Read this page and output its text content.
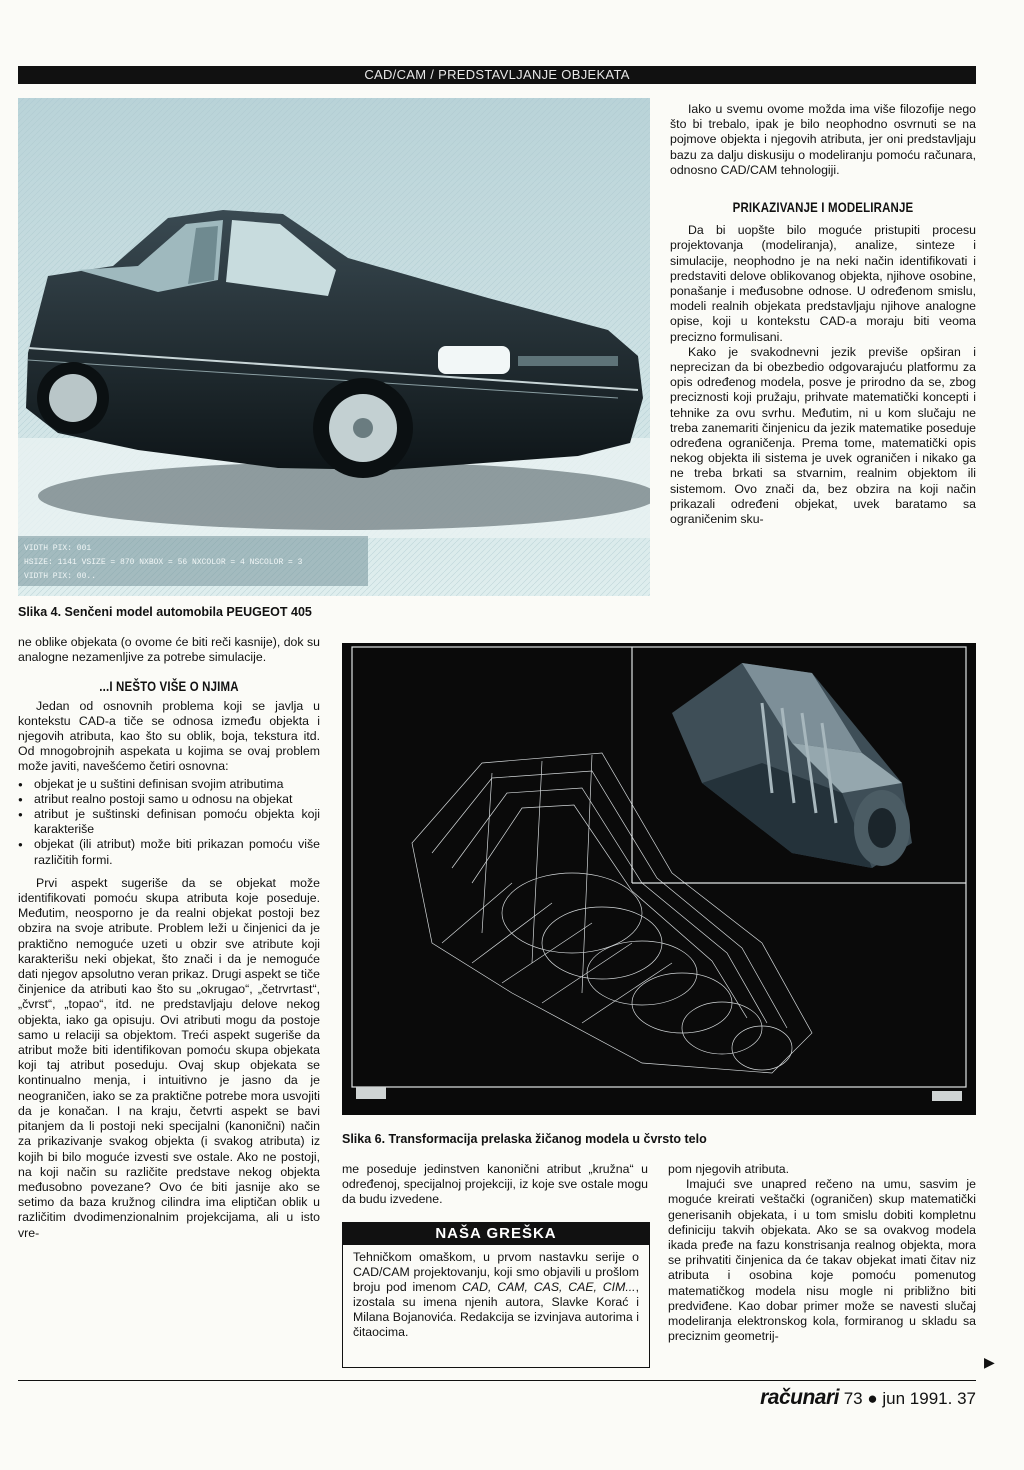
CAD/CAM / PREDSTAVLJANJE OBJEKATA
VIDTH PIX: 001
HSIZE: 1141 VSIZE = 870 NXBOX = 56 NXCOLOR = 4 NSCOLOR = 3
VIDTH PIX: 00..
Slika 4. Senčeni model automobila PEUGEOT 405

Iako u svemu ovome možda ima više filozofije nego što bi trebalo, ipak je bilo neophodno osvrnuti se na pojmove objekta i njegovih atributa, jer oni predstavljaju bazu za dalju diskusiju o modeliranju pomoću računara, odnosno CAD/CAM tehnologiji.

PRIKAZIVANJE I MODELIRANJE

Da bi uopšte bilo moguće pristupiti procesu projektovanja (modeliranja), analize, sinteze i simulacije, neophodno je na neki način identifikovati i predstaviti delove oblikovanog objekta, njihove osobine, ponašanje i međusobne odnose. U određenom smislu, modeli realnih objekata predstavljaju njihove analogne opise, koji u kontekstu CAD-a moraju biti veoma precizno formulisani.

Kako je svakodnevni jezik previše opširan i neprecizan da bi obezbedio odgovarajuću platformu za opis određenog modela, posve je prirodno da se, zbog preciznosti koji pružaju, prihvate matematički koncepti i tehnike za ovu svrhu. Međutim, ni u kom slučaju ne treba zanemariti činjenicu da jezik matematike poseduje određena ograničenja. Prema tome, matematički opis nekog objekta ili sistema je uvek ograničen i nikako ga ne treba brkati sa stvarnim, realnim objektom ili sistemom. Ovo znači da, bez obzira na koji način prikazali određeni objekat, uvek baratamo sa ograničenim sku-

ne oblike objekata (o ovome će biti reči kasnije), dok su analogne nezamenljive za potrebe simulacije.

...I NEŠTO VIŠE O NJIMA

Jedan od osnovnih problema koji se javlja u kontekstu CAD-a tiče se odnosa između objekta i njegovih atributa, kao što su oblik, boja, tekstura itd. Od mnogobrojnih aspekata u kojima se ovaj problem može javiti, navešćemo četiri osnovna:

● objekat je u suštini definisan svojim atributima
● atribut realno postoji samo u odnosu na objekat
● atribut je suštinski definisan pomoću objekta koji karakteriše
● objekat (ili atribut) može biti prikazan pomoću više različitih formi.

Prvi aspekt sugeriše da se objekat može identifikovati pomoću skupa atributa koje poseduje. Međutim, neosporno je da realni objekat postoji bez obzira na svoje atribute. Problem leži u činjenici da je praktično nemoguće uzeti u obzir sve atribute koji karakterišu neki objekat, što znači i da je nemoguće dati njegov apsolutno veran prikaz. Drugi aspekt se tiče činjenice da atributi kao što su „okrugao“, „četrvrtast“, „čvrst“, „topao“, itd. ne predstavljaju delove nekog objekta, iako ga opisuju. Ovi atributi mogu da postoje samo u relaciji sa objektom. Treći aspekt sugeriše da atribut može biti identifikovan pomoću skupa objekata koji taj atribut poseduju. Ovaj skup objekata se kontinualno menja, i intuitivno je jasno da je neograničen, iako se za praktične potrebe mora usvojiti da je konačan. I na kraju, četvrti aspekt se bavi pitanjem da li postoji neki specijalni (kanonični) način za prikazivanje svakog objekta (i svakog atributa) iz kojih bi bilo moguće izvesti sve ostale. Ako ne postoji, na koji način su različite predstave nekog objekta međusobno povezane? Ovo će biti jasnije ako se setimo da baza kružnog cilindra ima eliptičan oblik u različitim dvodimenzionalnim projekcijama, ali u isto vre-

Slika 6. Transformacija prelaska žičanog modela u čvrsto telo

me poseduje jedinstven kanonični atribut „kružna“ u određenoj, specijalnoj projekciji, iz koje sve ostale mogu da budu izvedene.

NAŠA GREŠKA
Tehničkom omaškom, u prvom nastavku serije o CAD/CAM projektovanju, koji smo objavili u prošlom broju pod imenom CAD, CAM, CAS, CAE, CIM..., izostala su imena njenih autora, Slavke Korać i Milana Bojanovića. Redakcija se izvinjava autorima i čitaocima.

pom njegovih atributa.

Imajući sve unapred rečeno na umu, sasvim je moguće kreirati veštački (ograničen) skup matematički generisanih objekata, i u tom smislu dobiti kompletnu definiciju takvih objekata. Ako se sa ovakvog modela ikada pređe na fazu konstrisanja realnog objekta, mora se prihvatiti činjenica da će takav objekat imati čitav niz atributa i osobina koje pomoću pomenutog matematičkog modela nisu mogle ni približno biti predviđene. Kao dobar primer može se navesti slučaj modeliranja elektronskog kola, formiranog u skladu sa preciznim geometrij-

▶
računari 73 ● jun 1991. 37
